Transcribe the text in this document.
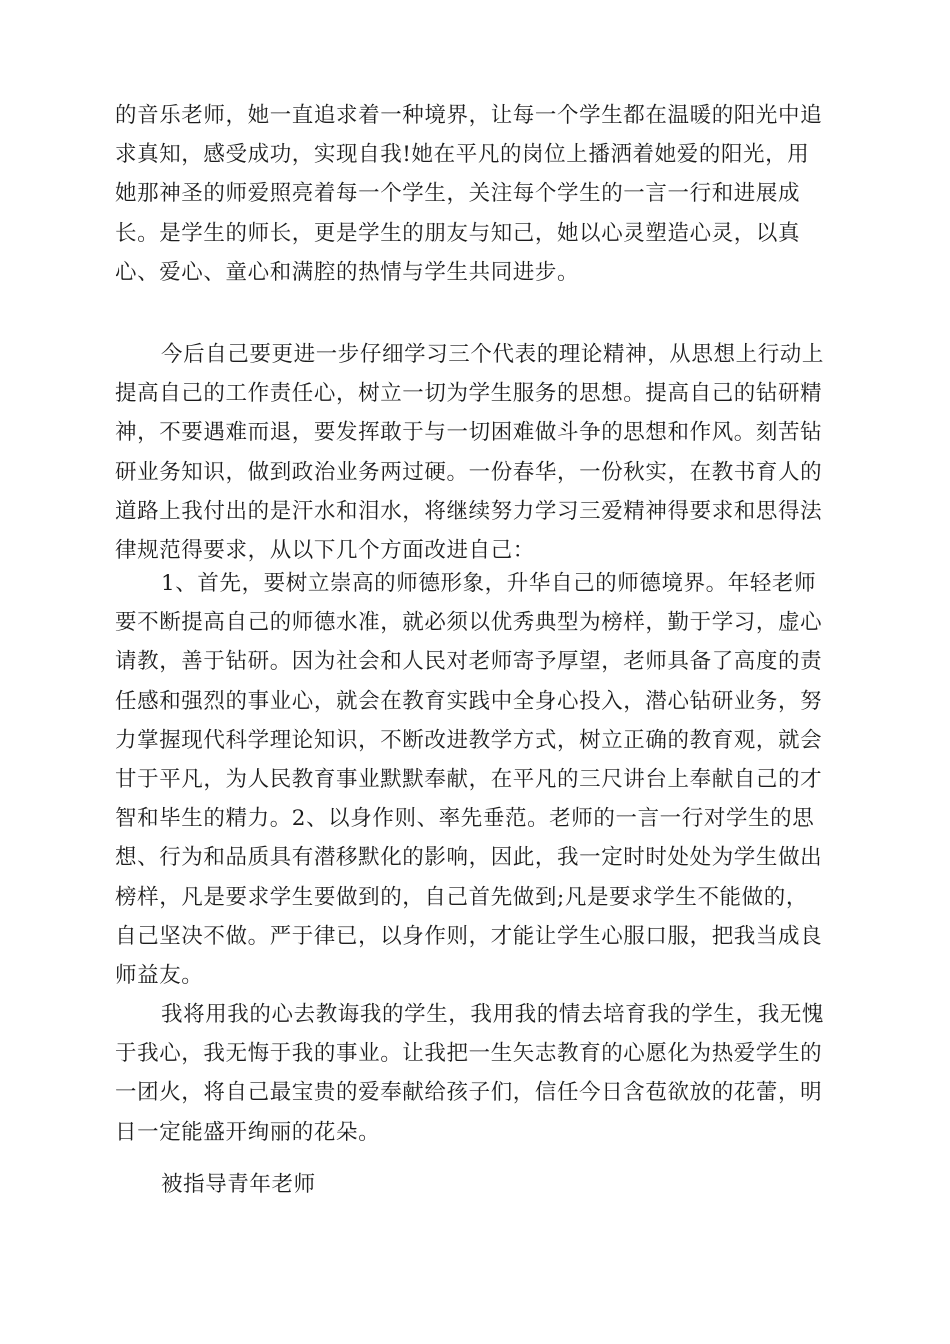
的音乐老师，她一直追求着一种境界，让每一个学生都在温暖的阳光中追
求真知，感受成功，实现自我!她在平凡的岗位上播洒着她爱的阳光，用
她那神圣的师爱照亮着每一个学生，关注每个学生的一言一行和进展成
长。是学生的师长，更是学生的朋友与知己，她以心灵塑造心灵，以真
心、爱心、童心和满腔的热情与学生共同进步。
今后自己要更进一步仔细学习三个代表的理论精神，从思想上行动上
提高自己的工作责任心，树立一切为学生服务的思想。提高自己的钻研精
神，不要遇难而退，要发挥敢于与一切困难做斗争的思想和作风。刻苦钻
研业务知识，做到政治业务两过硬。一份春华，一份秋实，在教书育人的
道路上我付出的是汗水和泪水，将继续努力学习三爱精神得要求和思得法
律规范得要求，从以下几个方面改进自己：
1、首先，要树立崇高的师德形象，升华自己的师德境界。年轻老师
要不断提高自己的师德水准，就必须以优秀典型为榜样，勤于学习，虚心
请教，善于钻研。因为社会和人民对老师寄予厚望，老师具备了高度的责
任感和强烈的事业心，就会在教育实践中全身心投入，潜心钻研业务，努
力掌握现代科学理论知识，不断改进教学方式，树立正确的教育观，就会
甘于平凡，为人民教育事业默默奉献，在平凡的三尺讲台上奉献自己的才
智和毕生的精力。2、以身作则、率先垂范。老师的一言一行对学生的思
想、行为和品质具有潜移默化的影响，因此，我一定时时处处为学生做出
榜样，凡是要求学生要做到的，自己首先做到;凡是要求学生不能做的，
自己坚决不做。严于律已，以身作则，才能让学生心服口服，把我当成良
师益友。
我将用我的心去教诲我的学生，我用我的情去培育我的学生，我无愧
于我心，我无悔于我的事业。让我把一生矢志教育的心愿化为热爱学生的
一团火，将自己最宝贵的爱奉献给孩子们，信任今日含苞欲放的花蕾，明
日一定能盛开绚丽的花朵。
被指导青年老师
